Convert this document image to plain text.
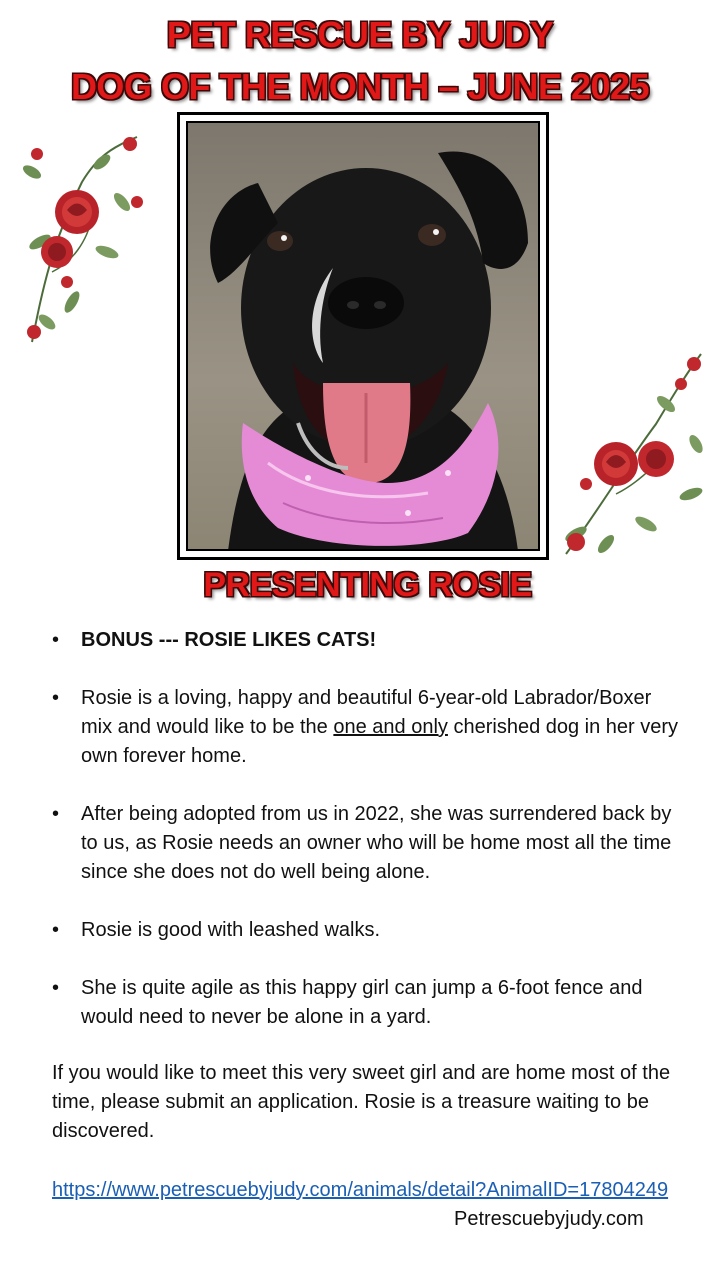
PET RESCUE BY JUDY
DOG OF THE MONTH – JUNE 2025
PRESENTING ROSIE
•	BONUS --- ROSIE LIKES CATS!
•	Rosie is a loving, happy and beautiful 6-year-old Labrador/Boxer mix and would like to be the one and only cherished dog in her very own forever home.
•	After being adopted from us in 2022, she was surrendered back by to us, as Rosie needs an owner who will be home most all the time since she does not do well being alone.
•	Rosie is good with leashed walks.
•	She is quite agile as this happy girl can jump a 6-foot fence and would need to never be alone in a yard.
If you would like to meet this very sweet girl and are home most of the time, please submit an application. Rosie is a treasure waiting to be discovered.
https://www.petrescuebyjudy.com/animals/detail?AnimalID=17804249
Petrescuebyjudy.com
